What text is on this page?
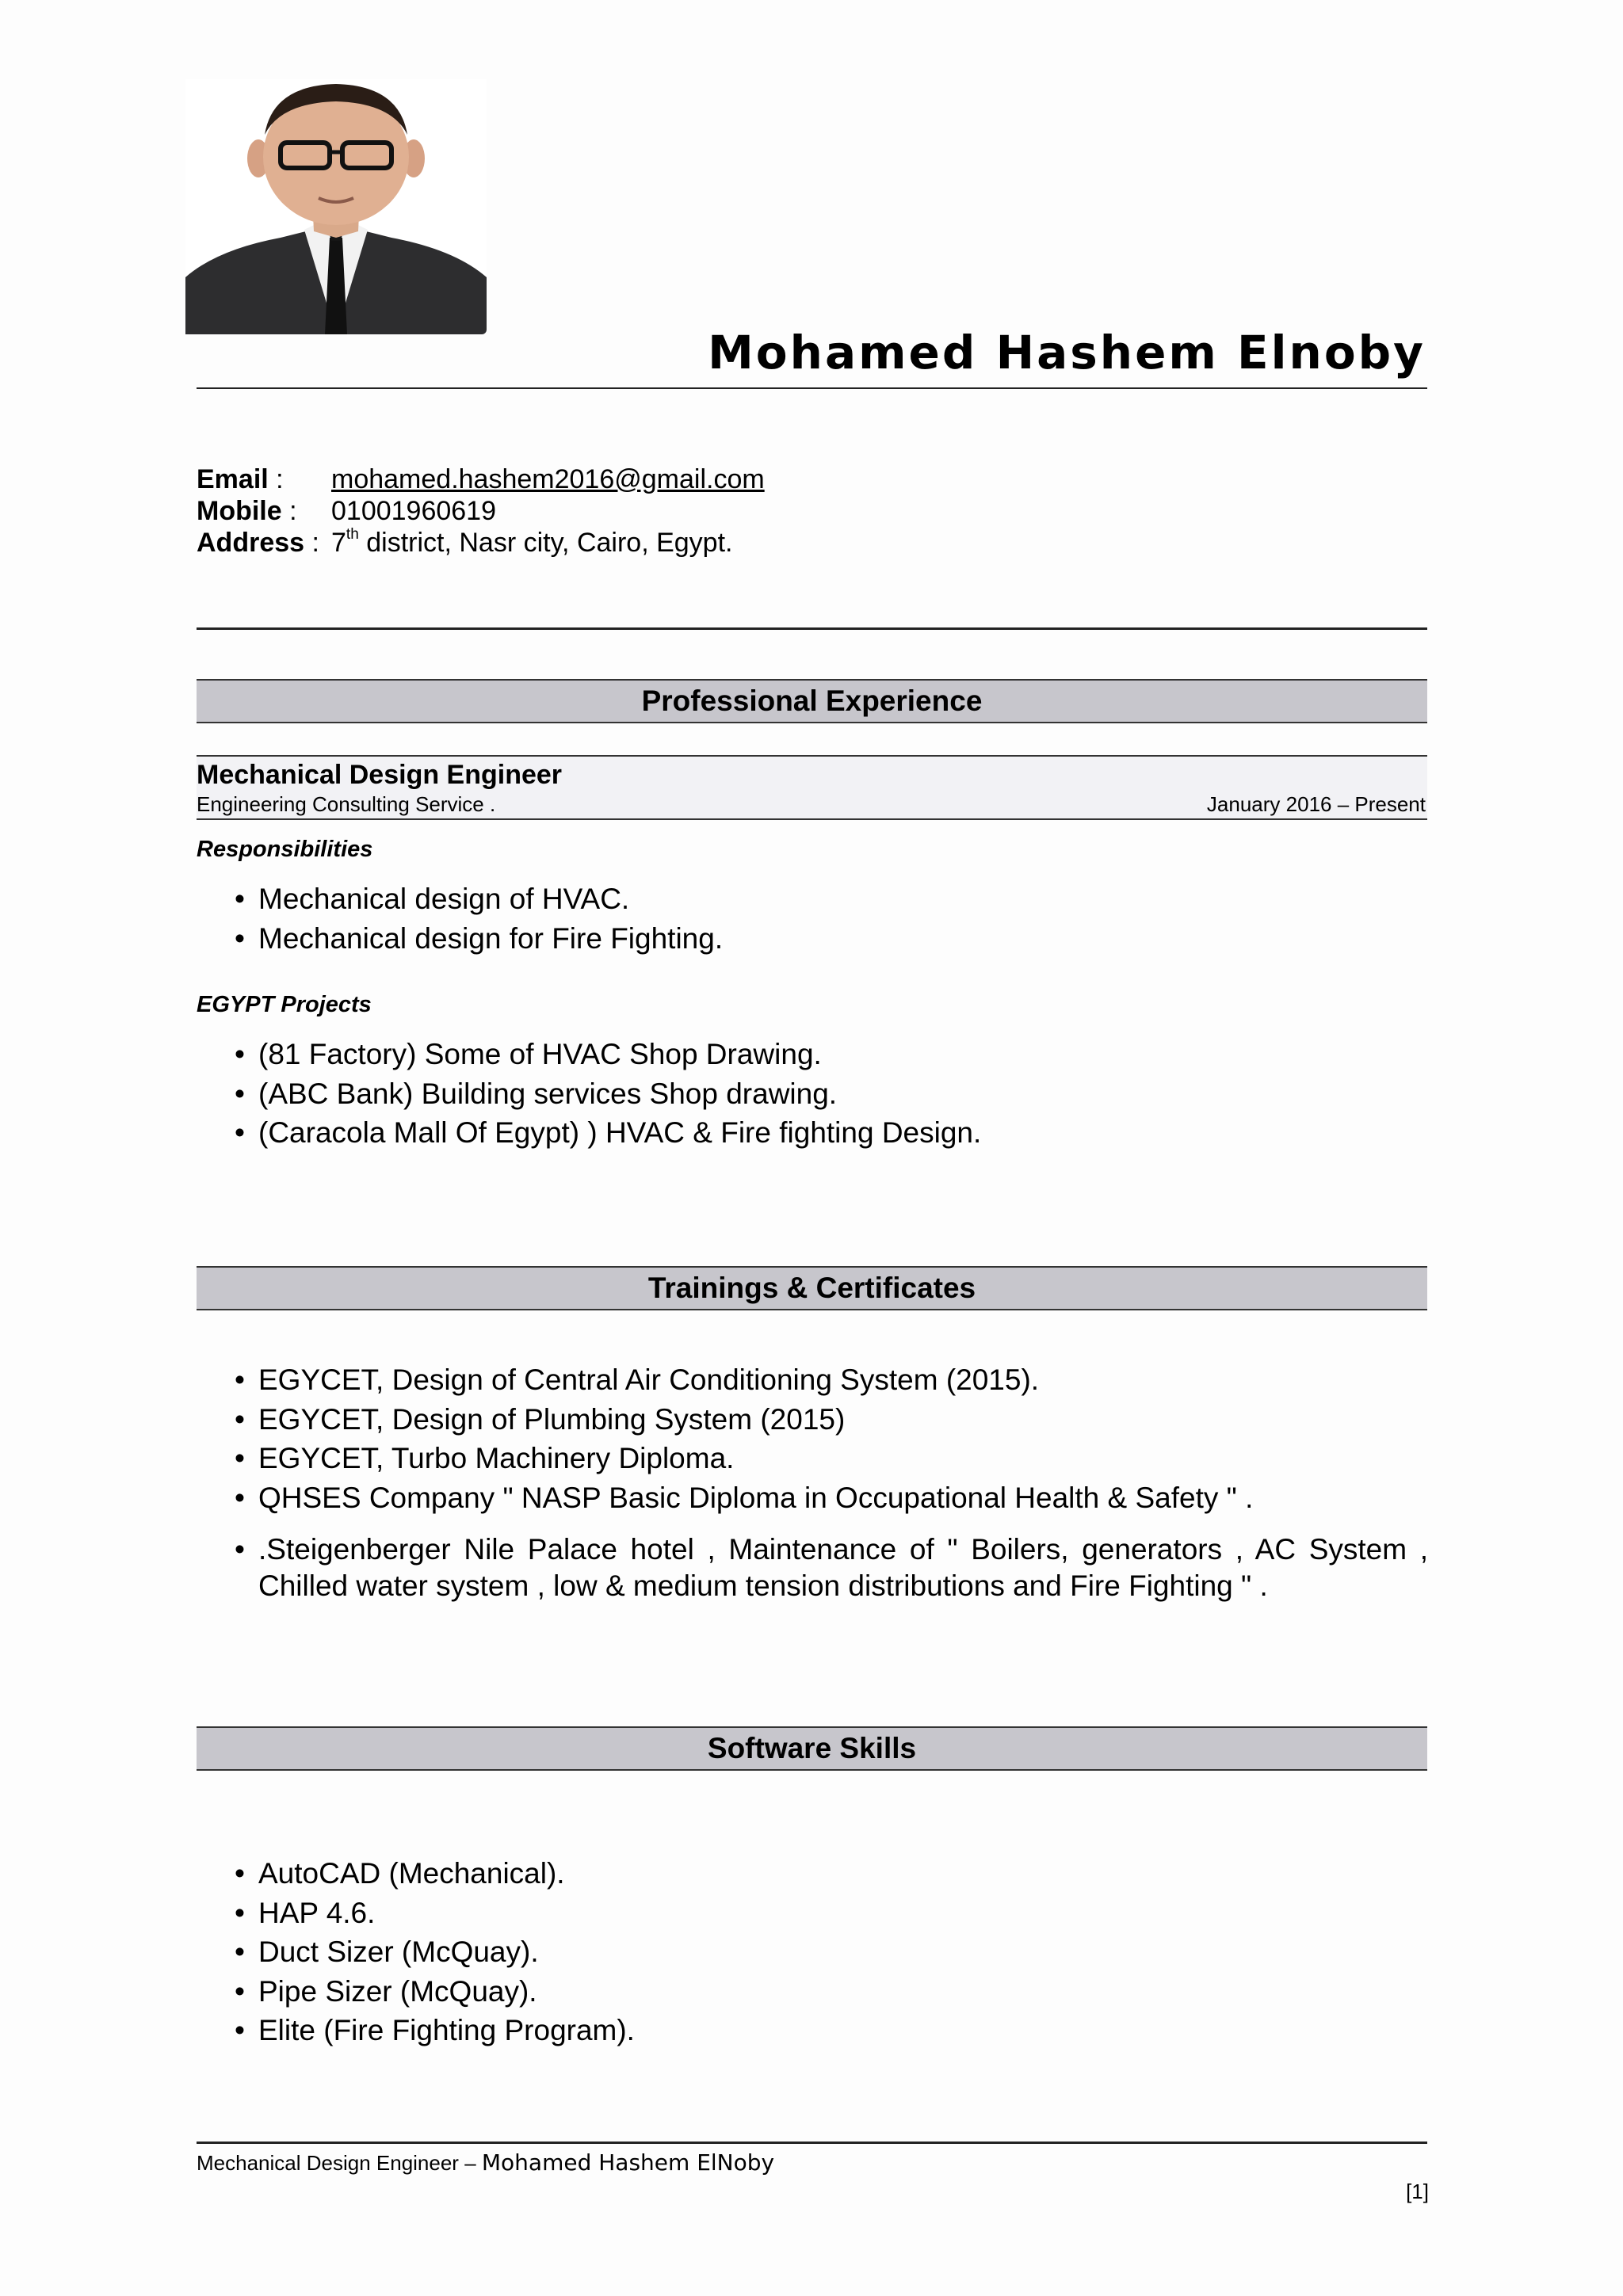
Mohamed Hashem Elnoby
Email :	mohamed.hashem2016@gmail.com
Mobile :	01001960619
Address : 7th district, Nasr city, Cairo, Egypt.
Professional Experience
Mechanical Design Engineer
Engineering Consulting Service .	January 2016 – Present
Responsibilities
• Mechanical design of HVAC.
• Mechanical design for Fire Fighting.
EGYPT Projects
• (81 Factory) Some of HVAC Shop Drawing.
• (ABC Bank) Building services Shop drawing.
• (Caracola Mall Of Egypt) ) HVAC & Fire fighting Design.
Trainings & Certificates
• EGYCET, Design of Central Air Conditioning System (2015).
• EGYCET, Design of Plumbing System (2015)
• EGYCET, Turbo Machinery Diploma.
• QHSES Company " NASP Basic Diploma in Occupational Health & Safety " .
• .Steigenberger Nile Palace hotel , Maintenance of " Boilers, generators , AC System , Chilled water system , low & medium tension distributions and Fire Fighting " .
Software Skills
• AutoCAD (Mechanical).
• HAP 4.6.
• Duct Sizer (McQuay).
• Pipe Sizer (McQuay).
• Elite (Fire Fighting Program).
Mechanical Design Engineer – Mohamed Hashem ElNoby
[1]
